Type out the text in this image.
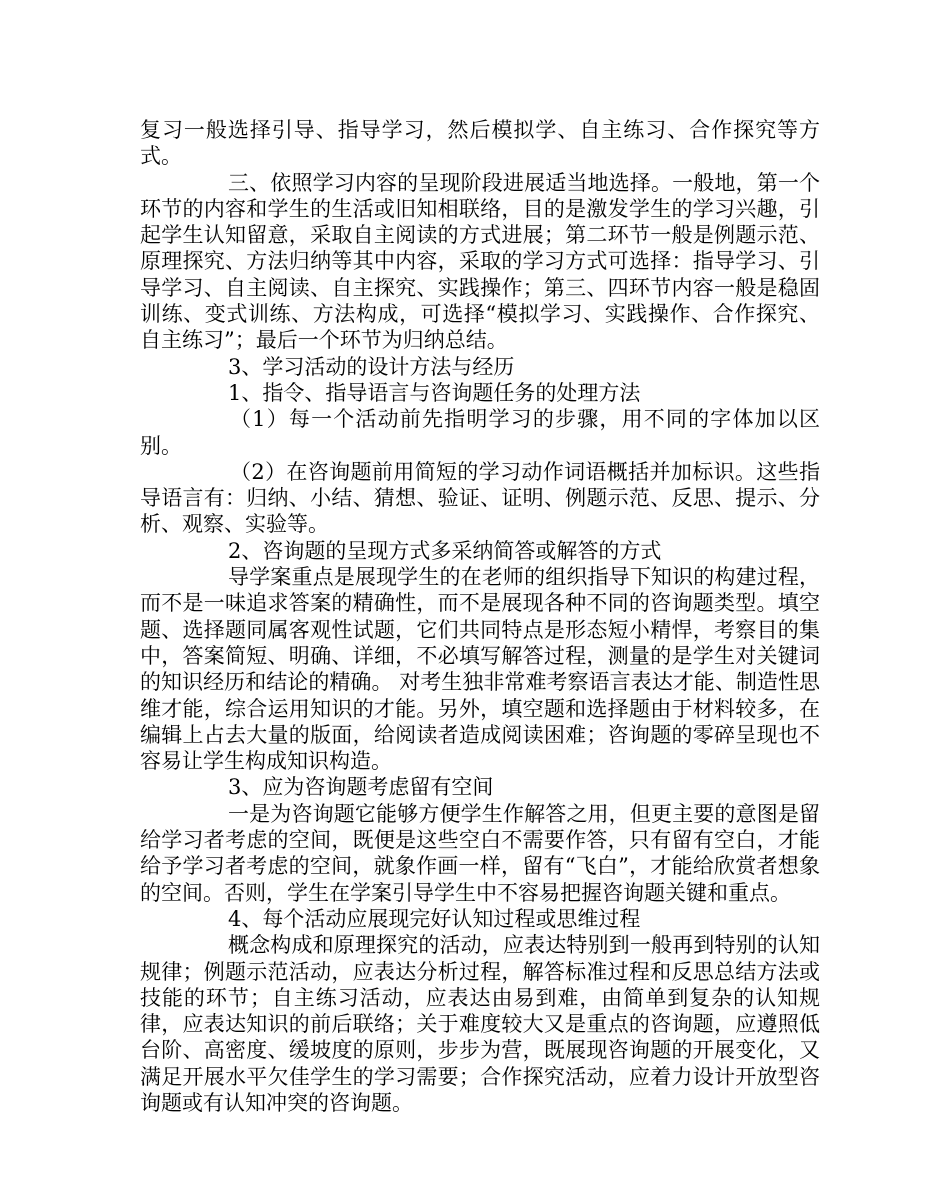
复习一般选择引导、指导学习，然后模拟学、自主练习、合作探究等方式。

三、依照学习内容的呈现阶段进展适当地选择。一般地，第一个环节的内容和学生的生活或旧知相联络，目的是激发学生的学习兴趣，引起学生认知留意，采取自主阅读的方式进展；第二环节一般是例题示范、原理探究、方法归纳等其中内容，采取的学习方式可选择：指导学习、引导学习、自主阅读、自主探究、实践操作；第三、四环节内容一般是稳固训练、变式训练、方法构成，可选择“模拟学习、实践操作、合作探究、自主练习”；最后一个环节为归纳总结。

3、学习活动的设计方法与经历

1、指令、指导语言与咨询题任务的处理方法

（1）每一个活动前先指明学习的步骤，用不同的字体加以区别。

（2）在咨询题前用简短的学习动作词语概括并加标识。这些指导语言有：归纳、小结、猜想、验证、证明、例题示范、反思、提示、分析、观察、实验等。

2、咨询题的呈现方式多采纳简答或解答的方式

导学案重点是展现学生的在老师的组织指导下知识的构建过程，而不是一味追求答案的精确性，而不是展现各种不同的咨询题类型。填空题、选择题同属客观性试题，它们共同特点是形态短小精悍，考察目的集中，答案简短、明确、详细，不必填写解答过程，测量的是学生对关键词的知识经历和结论的精确。 对考生独非常难考察语言表达才能、制造性思维才能，综合运用知识的才能。另外，填空题和选择题由于材料较多，在编辑上占去大量的版面，给阅读者造成阅读困难；咨询题的零碎呈现也不容易让学生构成知识构造。

3、应为咨询题考虑留有空间

一是为咨询题它能够方便学生作解答之用，但更主要的意图是留给学习者考虑的空间，既便是这些空白不需要作答，只有留有空白，才能给予学习者考虑的空间，就象作画一样，留有“飞白”，才能给欣赏者想象的空间。否则，学生在学案引导学生中不容易把握咨询题关键和重点。

4、每个活动应展现完好认知过程或思维过程

概念构成和原理探究的活动，应表达特别到一般再到特别的认知规律；例题示范活动，应表达分析过程，解答标准过程和反思总结方法或技能的环节；自主练习活动，应表达由易到难，由简单到复杂的认知规律，应表达知识的前后联络；关于难度较大又是重点的咨询题，应遵照低台阶、高密度、缓坡度的原则，步步为营，既展现咨询题的开展变化，又满足开展水平欠佳学生的学习需要；合作探究活动，应着力设计开放型咨询题或有认知冲突的咨询题。
